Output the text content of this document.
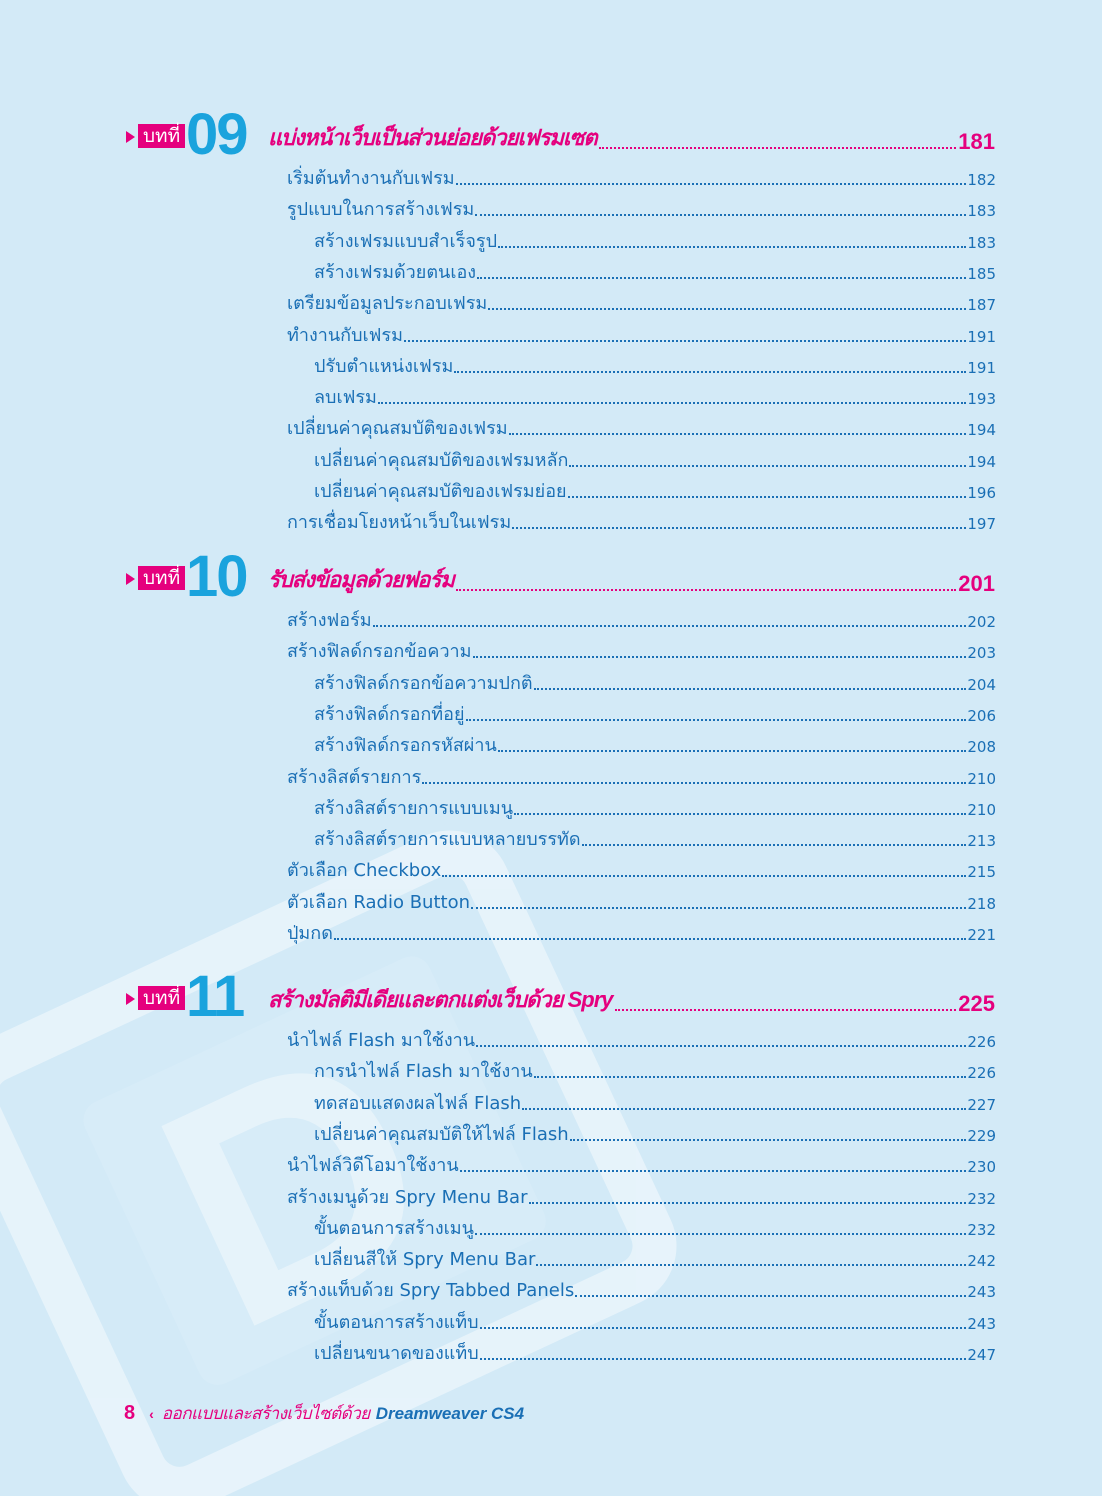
บทที่ 09 แบ่งหน้าเว็บเป็นส่วนย่อยด้วยเฟรมเซต	181
เริ่มต้นทำงานกับเฟรม	182
รูปแบบในการสร้างเฟรม	183
สร้างเฟรมแบบสำเร็จรูป	183
สร้างเฟรมด้วยตนเอง	185
เตรียมข้อมูลประกอบเฟรม	187
ทำงานกับเฟรม	191
ปรับตำแหน่งเฟรม	191
ลบเฟรม	193
เปลี่ยนค่าคุณสมบัติของเฟรม	194
เปลี่ยนค่าคุณสมบัติของเฟรมหลัก	194
เปลี่ยนค่าคุณสมบัติของเฟรมย่อย	196
การเชื่อมโยงหน้าเว็บในเฟรม	197
บทที่ 10 รับส่งข้อมูลด้วยฟอร์ม	201
สร้างฟอร์ม	202
สร้างฟิลด์กรอกข้อความ	203
สร้างฟิลด์กรอกข้อความปกติ	204
สร้างฟิลด์กรอกที่อยู่	206
สร้างฟิลด์กรอกรหัสผ่าน	208
สร้างลิสต์รายการ	210
สร้างลิสต์รายการแบบเมนู	210
สร้างลิสต์รายการแบบหลายบรรทัด	213
ตัวเลือก Checkbox	215
ตัวเลือก Radio Button	218
ปุ่มกด	221
บทที่ 11 สร้างมัลติมีเดียและตกแต่งเว็บด้วย Spry	225
นำไฟล์ Flash มาใช้งาน	226
การนำไฟล์ Flash มาใช้งาน	226
ทดสอบแสดงผลไฟล์ Flash	227
เปลี่ยนค่าคุณสมบัติให้ไฟล์ Flash	229
นำไฟล์วิดีโอมาใช้งาน	230
สร้างเมนูด้วย Spry Menu Bar	232
ขั้นตอนการสร้างเมนู	232
เปลี่ยนสีให้ Spry Menu Bar	242
สร้างแท็บด้วย Spry Tabbed Panels	243
ขั้นตอนการสร้างแท็บ	243
เปลี่ยนขนาดของแท็บ	247
8 ‹ ออกแบบและสร้างเว็บไซต์ด้วย Dreamweaver CS4
